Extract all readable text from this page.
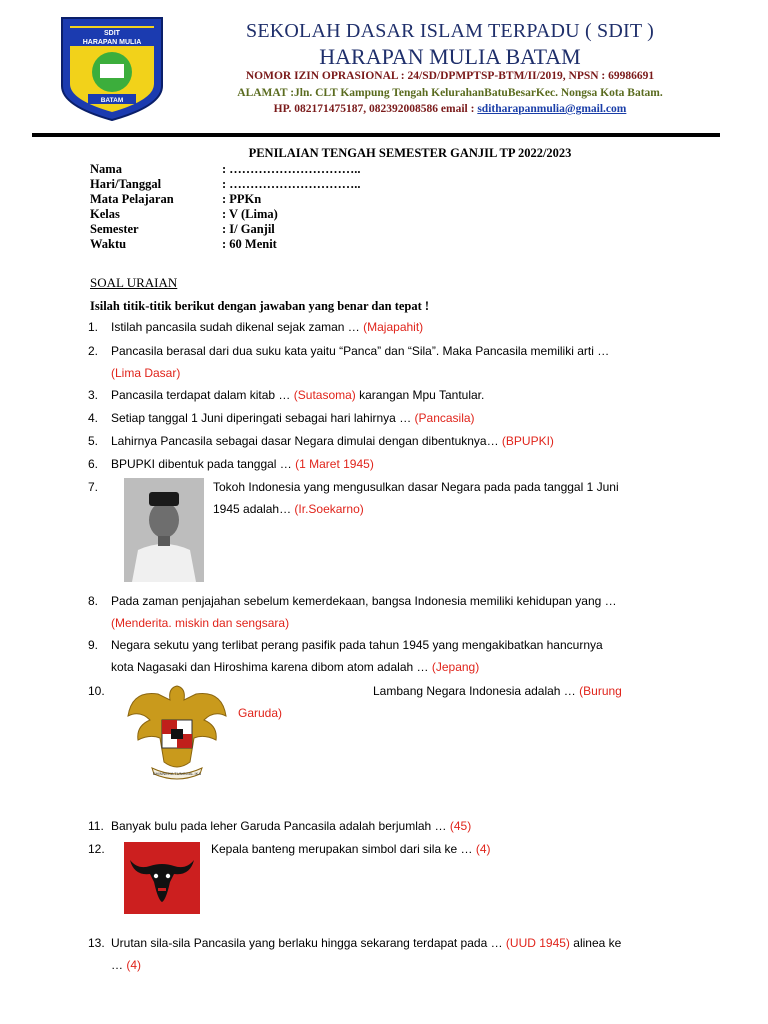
SDIT
HARAPAN MULIA
BATAM
SEKOLAH DASAR ISLAM TERPADU ( SDIT )
HARAPAN MULIA BATAM
NOMOR IZIN OPRASIONAL : 24/SD/DPMPTSP-BTM/II/2019, NPSN : 69986691
ALAMAT :Jln. CLT Kampung Tengah KelurahanBatuBesarKec. Nongsa Kota Batam.
HP. 082171475187, 082392008586 email : sditharapanmulia@gmail.com
PENILAIAN TENGAH SEMESTER GANJIL TP 2022/2023
Nama	: …………………………..
Hari/Tanggal	: …………………………..
Mata Pelajaran	: PPKn
Kelas	: V (Lima)
Semester	: I/ Ganjil
Waktu	: 60 Menit
SOAL URAIAN
Isilah titik-titik berikut dengan jawaban yang benar dan tepat !
1.	Istilah pancasila sudah dikenal sejak zaman … (Majapahit)
2.	Pancasila berasal dari dua suku kata yaitu “Panca” dan “Sila”. Maka Pancasila memiliki arti …
(Lima Dasar)
3.	Pancasila terdapat dalam kitab … (Sutasoma) karangan Mpu Tantular.
4.	Setiap tanggal 1 Juni diperingati sebagai hari lahirnya … (Pancasila)
5.	Lahirnya Pancasila sebagai dasar Negara dimulai dengan dibentuknya… (BPUPKI)
6.	BPUPKI dibentuk pada tanggal … (1 Maret 1945)
7.	Tokoh Indonesia yang mengusulkan dasar Negara pada pada tanggal 1 Juni
1945 adalah… (Ir.Soekarno)
8.	Pada zaman penjajahan sebelum kemerdekaan, bangsa Indonesia memiliki kehidupan yang …
(Menderita. miskin dan sengsara)
9.	Negara sekutu yang terlibat perang pasifik pada tahun 1945 yang mengakibatkan hancurnya
kota Nagasaki dan Hiroshima karena dibom atom adalah … (Jepang)
10.	Lambang Negara Indonesia adalah … (Burung
Garuda)
BHINNEKA TUNGGAL IKA
11. Banyak bulu pada leher Garuda Pancasila adalah berjumlah … (45)
12.	Kepala banteng merupakan simbol dari sila ke … (4)
13. Urutan sila-sila Pancasila yang berlaku hingga sekarang terdapat pada … (UUD 1945) alinea ke
… (4)
